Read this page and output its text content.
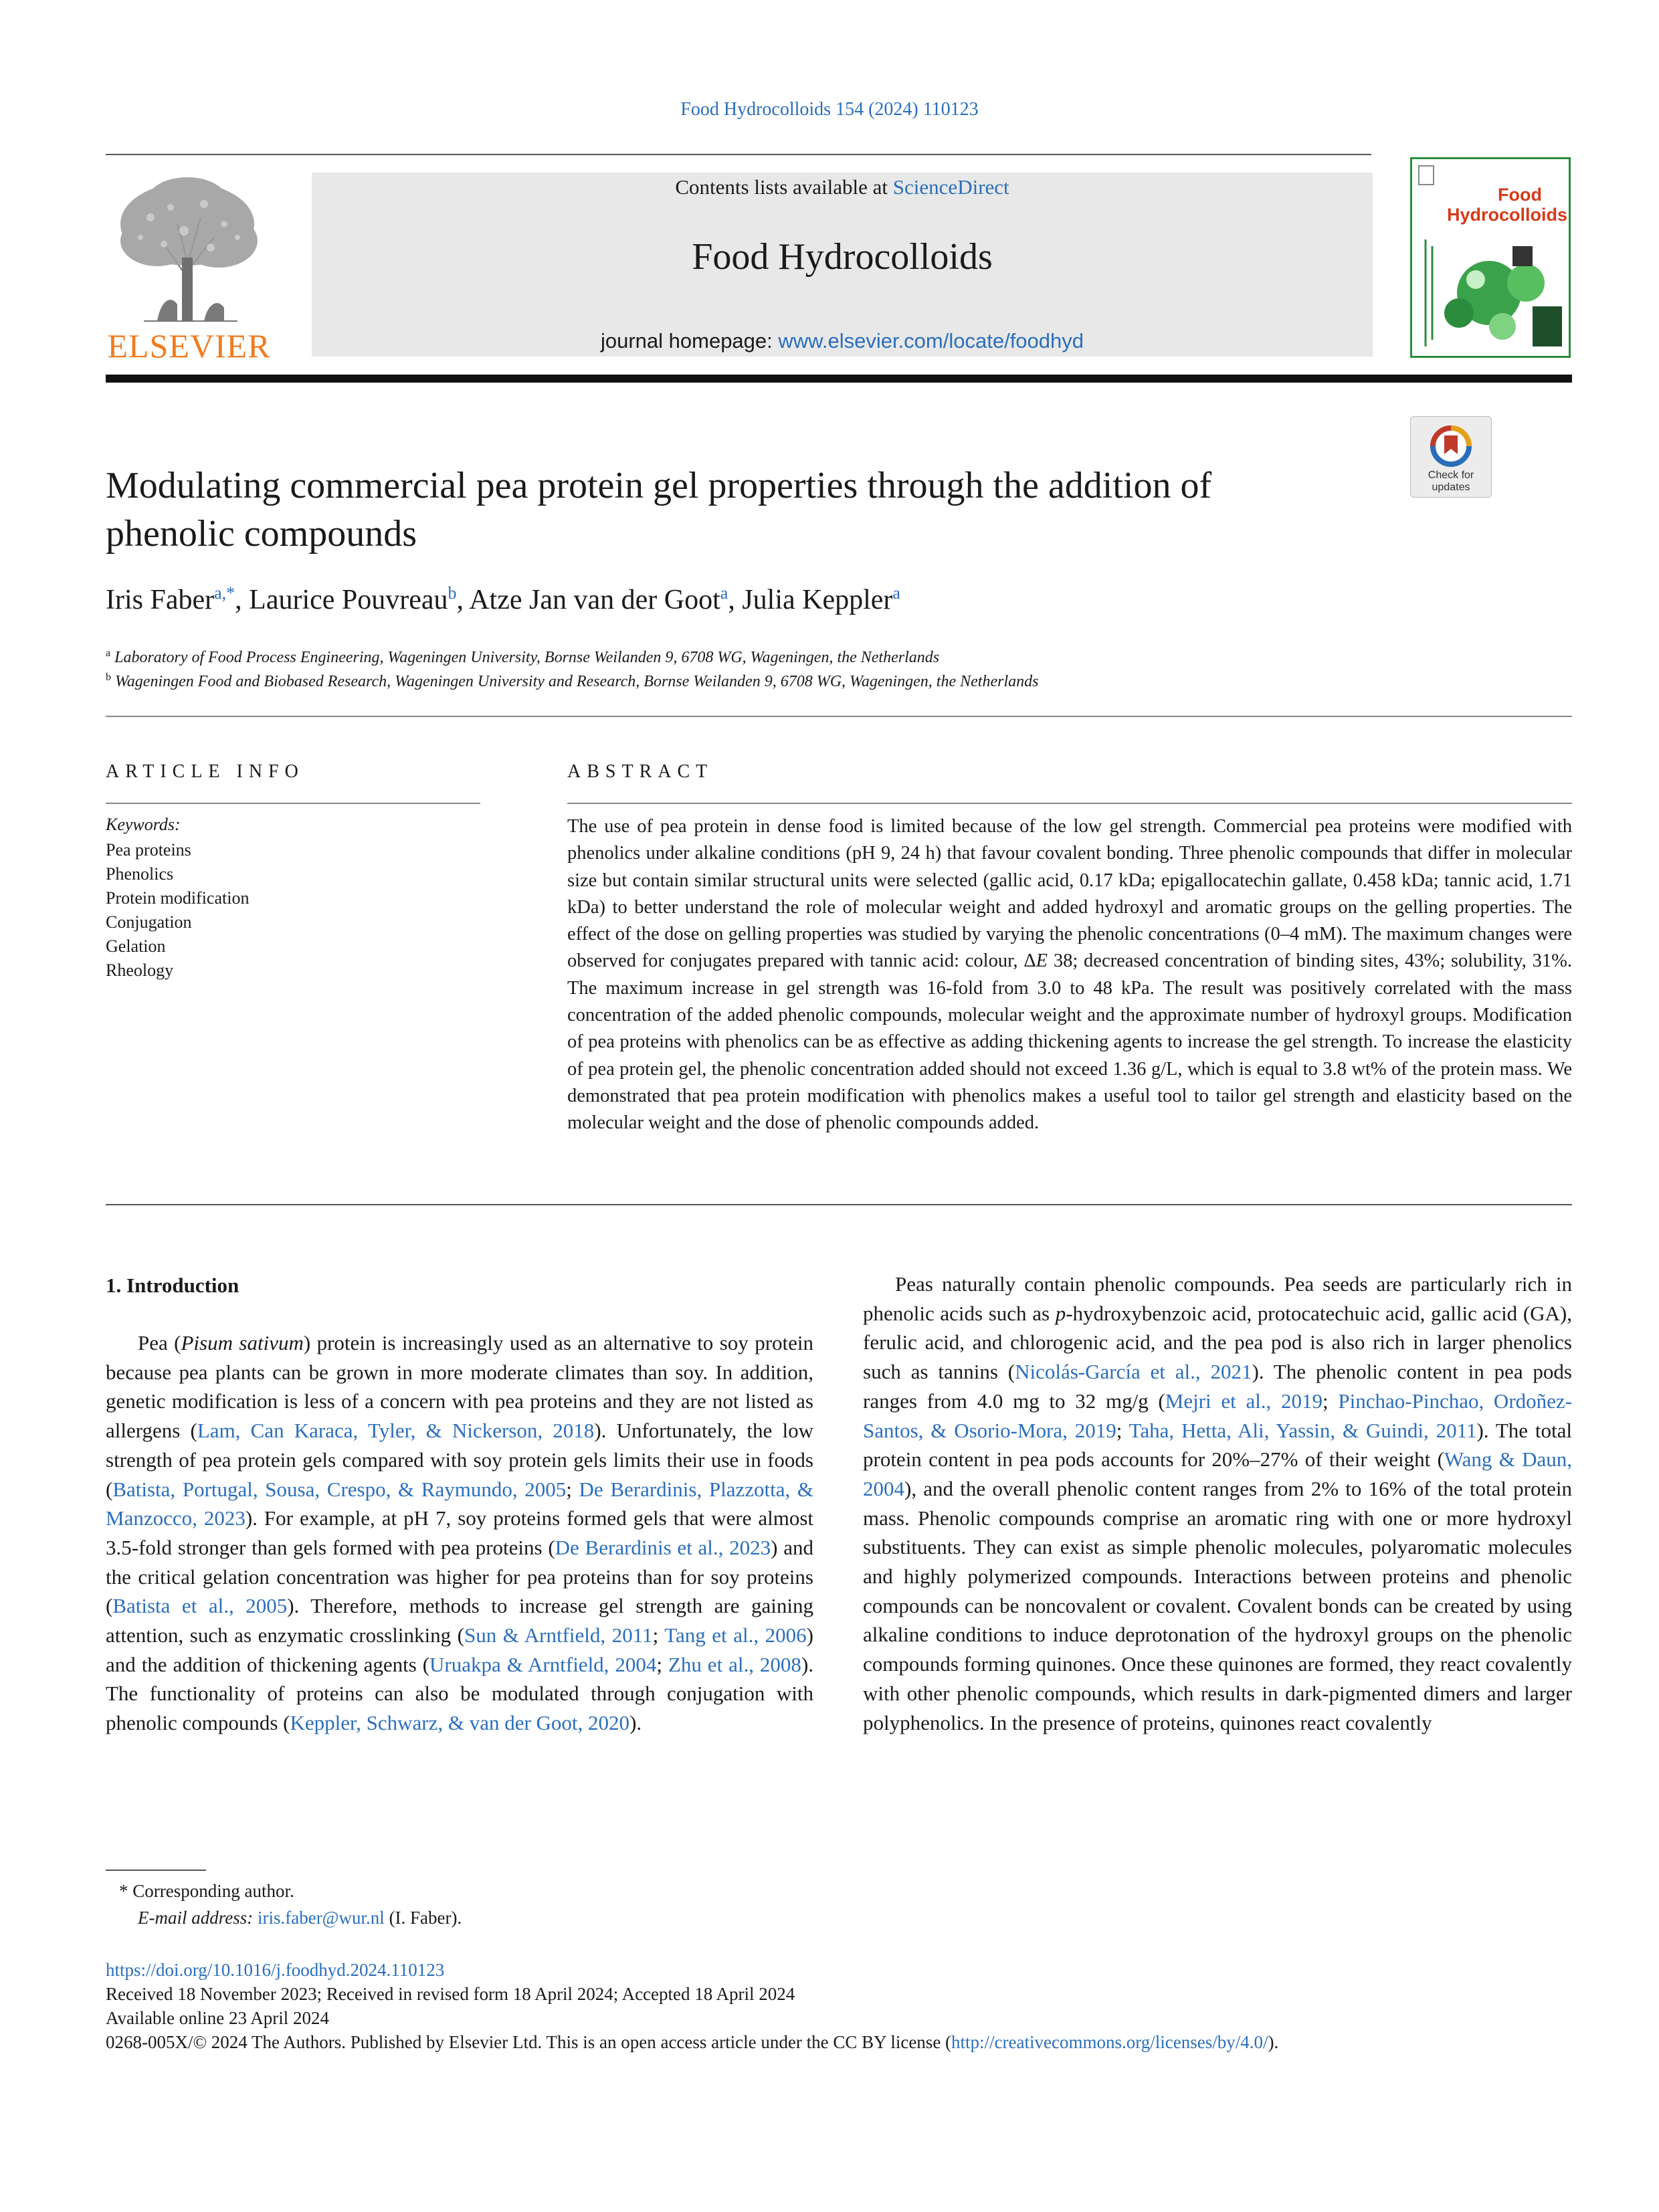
Food Hydrocolloids 154 (2024) 110123
ELSEVIER
Contents lists available at ScienceDirect
Food Hydrocolloids
journal homepage: www.elsevier.com/locate/foodhyd
Food
Hydrocolloids
Modulating commercial pea protein gel properties through the addition of
phenolic compounds
Check for
updates
Iris Faber$^{a,*}$, Laurice Pouvreau$^b$, Atze Jan van der Goot$^a$, Julia Keppler$^a$
$^a$ Laboratory of Food Process Engineering, Wageningen University, Bornse Weilanden 9, 6708 WG, Wageningen, the Netherlands
$^b$ Wageningen Food and Biobased Research, Wageningen University and Research, Bornse Weilanden 9, 6708 WG, Wageningen, the Netherlands
ARTICLE INFO
Keywords:
Pea proteins
Phenolics
Protein modification
Conjugation
Gelation
Rheology
ABSTRACT
The use of pea protein in dense food is limited because of the low gel strength. Commercial pea proteins were modified with phenolics under alkaline conditions (pH 9, 24 h) that favour covalent bonding. Three phenolic compounds that differ in molecular size but contain similar structural units were selected (gallic acid, 0.17 kDa; epigallocatechin gallate, 0.458 kDa; tannic acid, 1.71 kDa) to better understand the role of molecular weight and added hydroxyl and aromatic groups on the gelling properties. The effect of the dose on gelling properties was studied by varying the phenolic concentrations (0–4 mM). The maximum changes were observed for conjugates prepared with tannic acid: colour, ΔE 38; decreased concentration of binding sites, 43%; solubility, 31%. The maximum increase in gel strength was 16-fold from 3.0 to 48 kPa. The result was positively correlated with the mass concentration of the added phenolic compounds, molecular weight and the approximate number of hydroxyl groups. Modification of pea proteins with phenolics can be as effective as adding thickening agents to increase the gel strength. To increase the elasticity of pea protein gel, the phenolic concentration added should not exceed 1.36 g/L, which is equal to 3.8 wt% of the protein mass. We demonstrated that pea protein modification with phenolics makes a useful tool to tailor gel strength and elasticity based on the molecular weight and the dose of phenolic compounds added.
1. Introduction
Pea (Pisum sativum) protein is increasingly used as an alternative to soy protein because pea plants can be grown in more moderate climates than soy. In addition, genetic modification is less of a concern with pea proteins and they are not listed as allergens (Lam, Can Karaca, Tyler, & Nickerson, 2018). Unfortunately, the low strength of pea protein gels compared with soy protein gels limits their use in foods (Batista, Portugal, Sousa, Crespo, & Raymundo, 2005; De Berardinis, Plazzotta, & Manzocco, 2023). For example, at pH 7, soy proteins formed gels that were almost 3.5-fold stronger than gels formed with pea proteins (De Berardinis et al., 2023) and the critical gelation concentration was higher for pea proteins than for soy proteins (Batista et al., 2005). Therefore, methods to increase gel strength are gaining attention, such as enzymatic crosslinking (Sun & Arntfield, 2011; Tang et al., 2006) and the addition of thickening agents (Uruakpa & Arntfield, 2004; Zhu et al., 2008). The functionality of proteins can also be modulated through conjugation with phenolic compounds (Keppler, Schwarz, & van der Goot, 2020).
Peas naturally contain phenolic compounds. Pea seeds are particularly rich in phenolic acids such as p-hydroxybenzoic acid, protocatechuic acid, gallic acid (GA), ferulic acid, and chlorogenic acid, and the pea pod is also rich in larger phenolics such as tannins (Nicolás-García et al., 2021). The phenolic content in pea pods ranges from 4.0 mg to 32 mg/g (Mejri et al., 2019; Pinchao-Pinchao, Ordoñez-Santos, & Osorio-Mora, 2019; Taha, Hetta, Ali, Yassin, & Guindi, 2011). The total protein content in pea pods accounts for 20%–27% of their weight (Wang & Daun, 2004), and the overall phenolic content ranges from 2% to 16% of the total protein mass. Phenolic compounds comprise an aromatic ring with one or more hydroxyl substituents. They can exist as simple phenolic molecules, polyaromatic molecules and highly polymerized compounds. Interactions between proteins and phenolic compounds can be noncovalent or covalent. Covalent bonds can be created by using alkaline conditions to induce deprotonation of the hydroxyl groups on the phenolic compounds forming quinones. Once these quinones are formed, they react covalently with other phenolic compounds, which results in dark-pigmented dimers and larger polyphenolics. In the presence of proteins, quinones react covalently
* Corresponding author.
E-mail address: iris.faber@wur.nl (I. Faber).
https://doi.org/10.1016/j.foodhyd.2024.110123
Received 18 November 2023; Received in revised form 18 April 2024; Accepted 18 April 2024
Available online 23 April 2024
0268-005X/© 2024 The Authors. Published by Elsevier Ltd. This is an open access article under the CC BY license (http://creativecommons.org/licenses/by/4.0/).
